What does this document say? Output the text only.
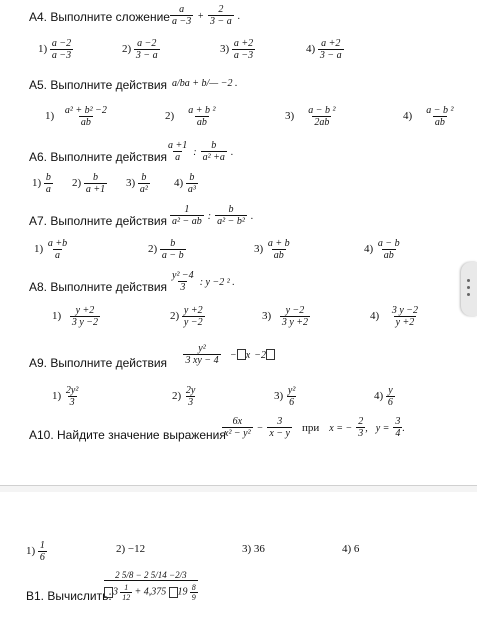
А4. Выполните сложение $\frac{a}{a -3} + \frac{2}{3 - a}$ .
$1) \frac{a -2}{a -3}$	$2) \frac{a -2}{3 - a}$	$3) \frac{a +2}{a -3}$	$4) \frac{a +2}{3 - a}$
А5. Выполните действия a/ba + b/— −2 .
$1) \frac{\text{a² + b² −2}}{ab}$	$2) \frac{\text{a + b ²}}{ab}$	$3) \frac{\text{a − b ²}}{2ab}$	$4) \frac{\text{a − b ²}}{ab}$
А6. Выполните действия
$\frac{a +1}{a}$ : $\frac{b}{\text{a² +a}}$ .
$1) \frac{b}{a} 2) \frac{b}{a +1} 3) \frac{b}{\text{a²}} 4) \frac{b}{\text{a³}}$
А7. Выполните действия $\frac{1}{\text{a² − ab}}$ : $\frac{b}{\text{a² − b²}}$ .
$1) \frac{a +b}{a}$	$2) \frac{b}{a - b}$	$3) \frac{a + b}{ab}$	$4) \frac{a - b}{ab}$
А8. Выполните действия $\frac{\text{y² −4}}{3}$ : y −2 ² .
$1) \frac{y +2}{3 y -2}$	$2) \frac{y +2}{y -2}$	$3) \frac{y -2}{3 y +2}$	$4) \frac{3 y -2}{y +2}$
А9. Выполните действия $\frac{\text{y²}}{3 xy - 4} - x -2$
$1) \frac{\text{2y²}}{3}$	$2) \frac{2y}{3}$	$3) \frac{\text{y²}}{6}$	$4) \frac{y}{6}$
А10. Найдите значение выражения
$\frac{6x}{\text{x² − y²}} - \frac{3}{x - y}$ при x = − $\frac{2}{3}$ , $y = \frac{3}{4}$ .
$1) \frac{1}{6}$	2) −12	3) 36	4) 6
В1. Вычислить:
2 5/8 − 2 5/14 −2/3
$3 \frac{1}{12} + 4,375$ $19 \frac{8}{9}$
